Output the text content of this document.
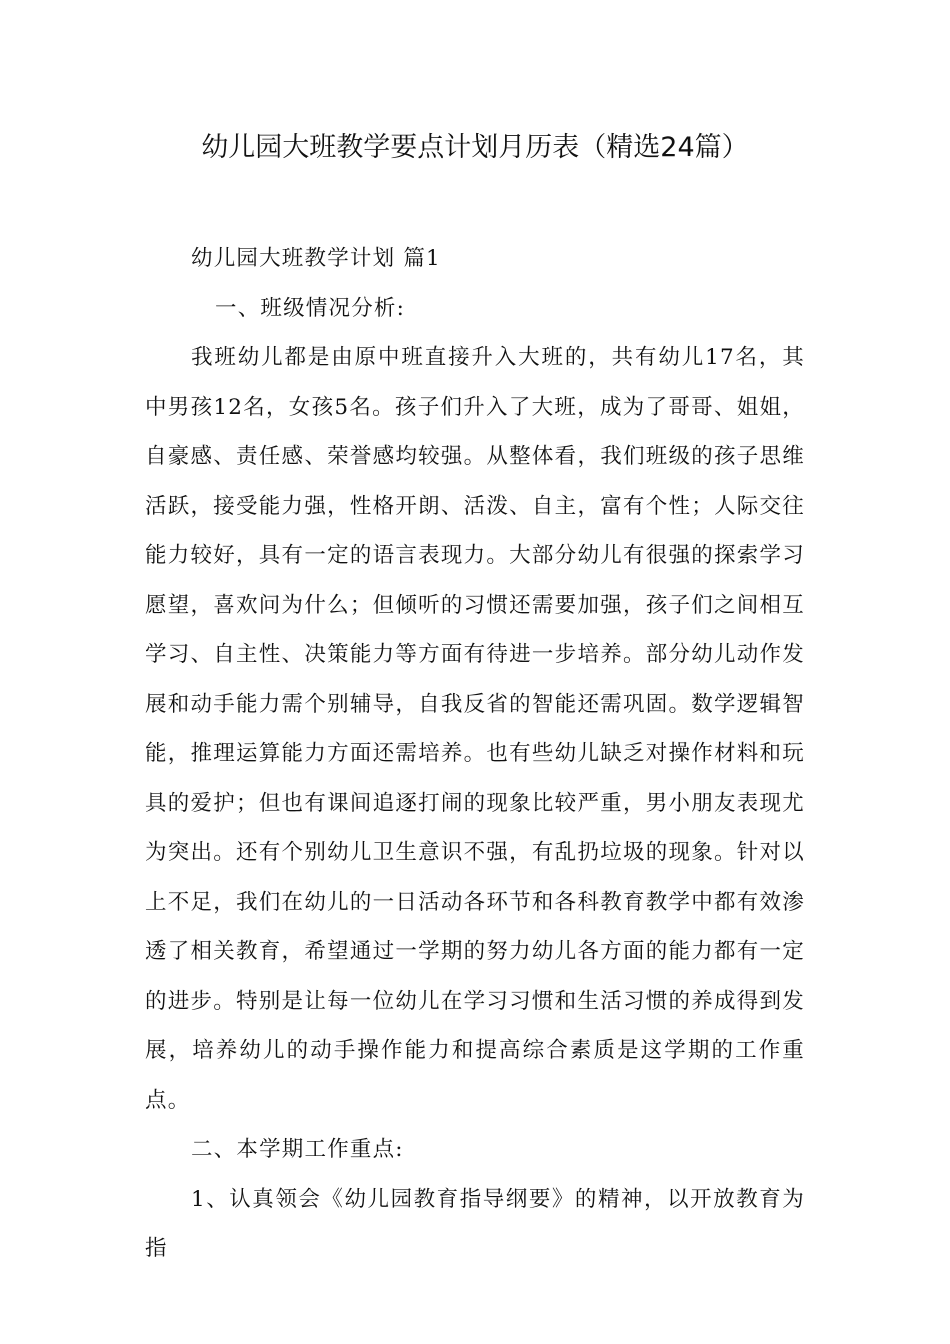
幼儿园大班教学要点计划月历表（精选24篇）

幼儿园大班教学计划 篇1

一、班级情况分析:

我班幼儿都是由原中班直接升入大班的，共有幼儿17名，其中男孩12名，女孩5名。孩子们升入了大班，成为了哥哥、姐姐，自豪感、责任感、荣誉感均较强。从整体看，我们班级的孩子思维活跃，接受能力强，性格开朗、活泼、自主，富有个性；人际交往能力较好，具有一定的语言表现力。大部分幼儿有很强的探索学习愿望，喜欢问为什么；但倾听的习惯还需要加强，孩子们之间相互学习、自主性、决策能力等方面有待进一步培养。部分幼儿动作发展和动手能力需个别辅导，自我反省的智能还需巩固。数学逻辑智能，推理运算能力方面还需培养。也有些幼儿缺乏对操作材料和玩具的爱护；但也有课间追逐打闹的现象比较严重，男小朋友表现尤为突出。还有个别幼儿卫生意识不强，有乱扔垃圾的现象。针对以上不足，我们在幼儿的一日活动各环节和各科教育教学中都有效渗透了相关教育，希望通过一学期的努力幼儿各方面的能力都有一定的进步。特别是让每一位幼儿在学习习惯和生活习惯的养成得到发展，培养幼儿的动手操作能力和提高综合素质是这学期的工作重点。

二、本学期工作重点:

1、认真领会《幼儿园教育指导纲要》的精神，以开放教育为指
